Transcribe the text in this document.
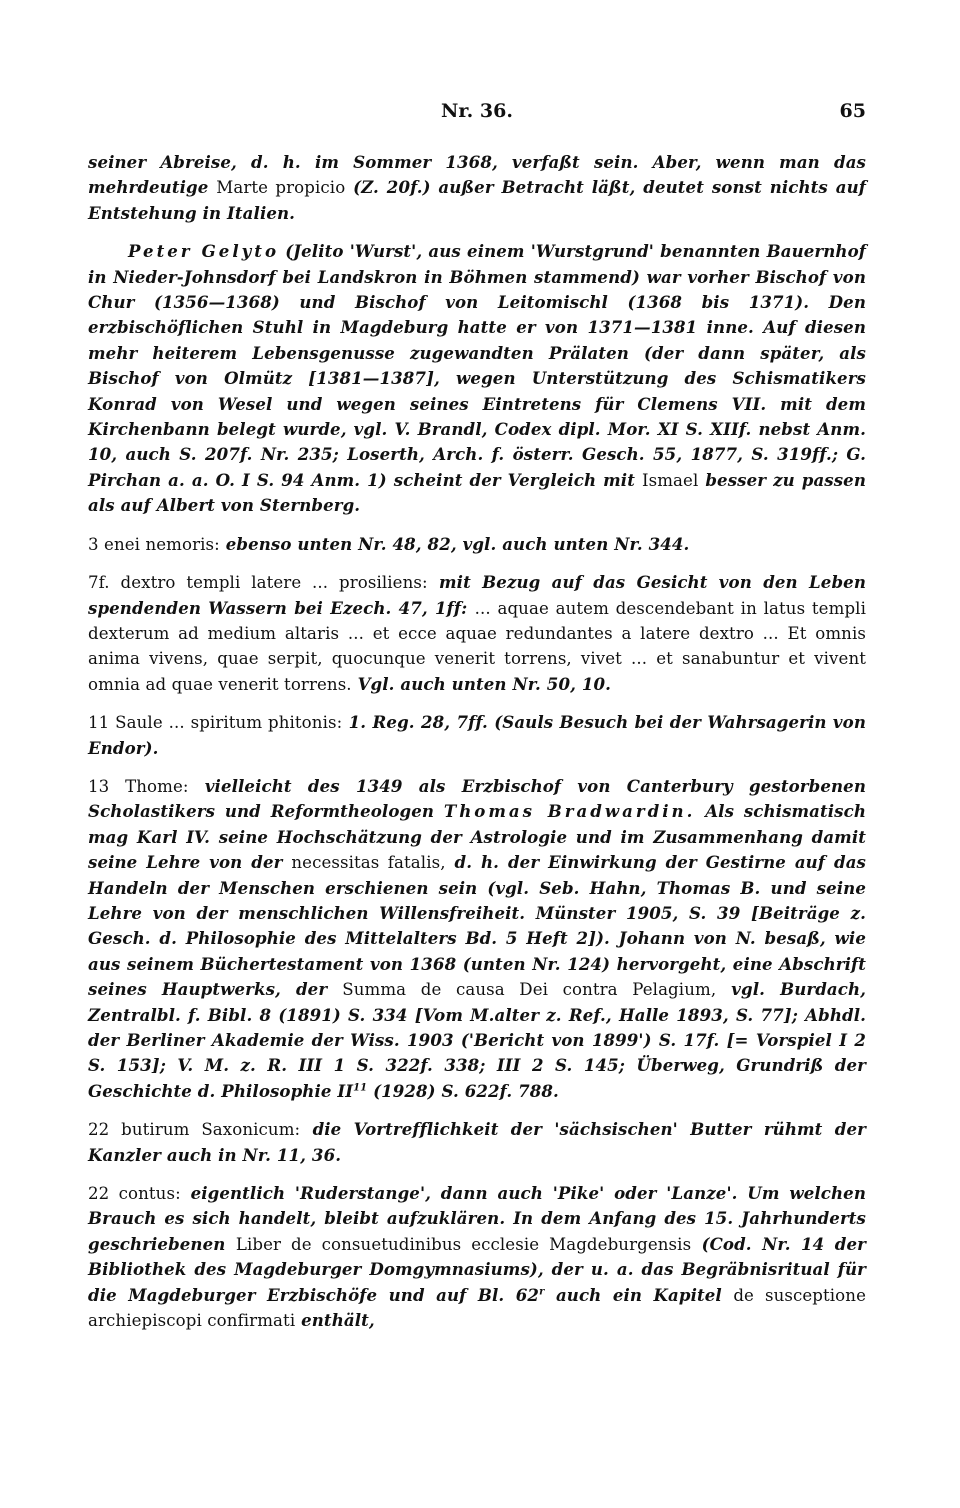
Nr. 36.	65

seiner Abreise, d. h. im Sommer 1368, verfaßt sein. Aber, wenn man das mehrdeutige Marte propicio (Z. 20f.) außer Betracht läßt, deutet sonst nichts auf Entstehung in Italien.

Peter Gelyto (Jelito 'Wurst', aus einem 'Wurstgrund' benannten Bauernhof in Nieder-Johnsdorf bei Landskron in Böhmen stammend) war vorher Bischof von Chur (1356—1368) und Bischof von Leitomischl (1368 bis 1371). Den erzbischöflichen Stuhl in Magdeburg hatte er von 1371—1381 inne. Auf diesen mehr heiterem Lebensgenusse zugewandten Prälaten (der dann später, als Bischof von Olmütz [1381—1387], wegen Unterstützung des Schismatikers Konrad von Wesel und wegen seines Eintretens für Clemens VII. mit dem Kirchenbann belegt wurde, vgl. V. Brandl, Codex dipl. Mor. XI S. XIIf. nebst Anm. 10, auch S. 207f. Nr. 235; Loserth, Arch. f. österr. Gesch. 55, 1877, S. 319ff.; G. Pirchan a. a. O. I S. 94 Anm. 1) scheint der Vergleich mit Ismael besser zu passen als auf Albert von Sternberg.

3 enei nemoris: ebenso unten Nr. 48, 82, vgl. auch unten Nr. 344.

7f. dextro templi latere ... prosiliens: mit Bezug auf das Gesicht von den Leben spendenden Wassern bei Ezech. 47, 1ff: ... aquae autem descendebant in latus templi dexterum ad medium altaris ... et ecce aquae redundantes a latere dextro ... Et omnis anima vivens, quae serpit, quocunque venerit torrens, vivet ... et sanabuntur et vivent omnia ad quae venerit torrens. Vgl. auch unten Nr. 50, 10.

11 Saule ... spiritum phitonis: 1. Reg. 28, 7ff. (Sauls Besuch bei der Wahrsagerin von Endor).

13 Thome: vielleicht des 1349 als Erzbischof von Canterbury gestorbenen Scholastikers und Reformtheologen Thomas Bradwardin. Als schismatisch mag Karl IV. seine Hochschätzung der Astrologie und im Zusammenhang damit seine Lehre von der necessitas fatalis, d. h. der Einwirkung der Gestirne auf das Handeln der Menschen erschienen sein (vgl. Seb. Hahn, Thomas B. und seine Lehre von der menschlichen Willensfreiheit. Münster 1905, S. 39 [Beiträge z. Gesch. d. Philosophie des Mittelalters Bd. 5 Heft 2]). Johann von N. besaß, wie aus seinem Büchertestament von 1368 (unten Nr. 124) hervorgeht, eine Abschrift seines Hauptwerks, der Summa de causa Dei contra Pelagium, vgl. Burdach, Zentralbl. f. Bibl. 8 (1891) S. 334 [Vom M.alter z. Ref., Halle 1893, S. 77]; Abhdl. der Berliner Akademie der Wiss. 1903 ('Bericht von 1899') S. 17f. [= Vorspiel I 2 S. 153]; V. M. z. R. III 1 S. 322f. 338; III 2 S. 145; Überweg, Grundriß der Geschichte d. Philosophie II$^{11}$ (1928) S. 622f. 788.

22 butirum Saxonicum: die Vortrefflichkeit der 'sächsischen' Butter rühmt der Kanzler auch in Nr. 11, 36.

22 contus: eigentlich 'Ruderstange', dann auch 'Pike' oder 'Lanze'. Um welchen Brauch es sich handelt, bleibt aufzuklären. In dem Anfang des 15. Jahrhunderts geschriebenen Liber de consuetudinibus ecclesie Magdeburgensis (Cod. Nr. 14 der Bibliothek des Magdeburger Domgymnasiums), der u. a. das Begräbnisritual für die Magdeburger Erzbischöfe und auf Bl. 62$^r$ auch ein Kapitel de susceptione archiepiscopi confirmati enthält,
